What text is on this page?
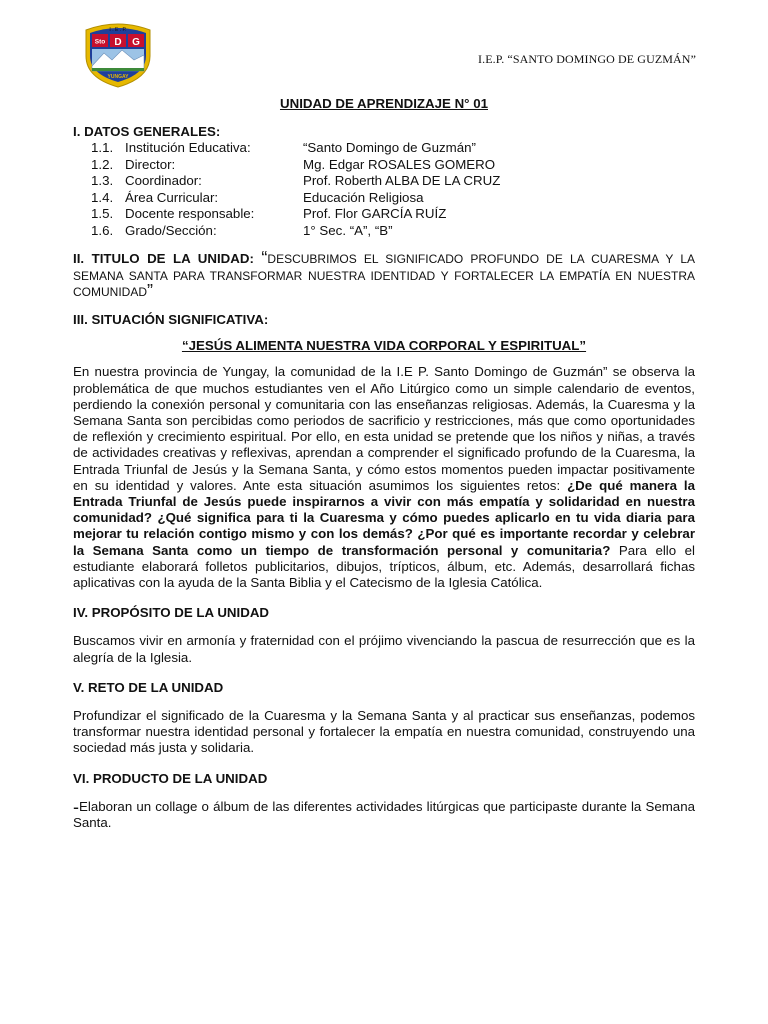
I . E . P.
Sto D G
YUNGAY
I.E.P. “SANTO DOMINGO DE GUZMÁN”
UNIDAD DE APRENDIZAJE N° 01
I. DATOS GENERALES:
1.1. Institución Educativa:	“Santo Domingo de Guzmán”
1.2. Director:	Mg. Edgar ROSALES GOMERO
1.3. Coordinador:	Prof. Roberth ALBA DE LA CRUZ
1.4. Área Curricular:	Educación Religiosa
1.5. Docente responsable:	Prof. Flor GARCÍA RUÍZ
1.6. Grado/Sección:	1° Sec. “A”, “B”
II. TITULO DE LA UNIDAD: “DESCUBRIMOS EL SIGNIFICADO PROFUNDO DE LA CUARESMA Y LA SEMANA SANTA PARA TRANSFORMAR NUESTRA IDENTIDAD Y FORTALECER LA EMPATÍA EN NUESTRA COMUNIDAD”
III. SITUACIÓN SIGNIFICATIVA:
“JESÚS ALIMENTA NUESTRA VIDA CORPORAL Y ESPIRITUAL”

En nuestra provincia de Yungay, la comunidad de la I.E P. Santo Domingo de Guzmán” se observa la problemática de que muchos estudiantes ven el Año Litúrgico como un simple calendario de eventos, perdiendo la conexión personal y comunitaria con las enseñanzas religiosas. Además, la Cuaresma y la Semana Santa son percibidas como periodos de sacrificio y restricciones, más que como oportunidades de reflexión y crecimiento espiritual. Por ello, en esta unidad se pretende que los niños y niñas, a través de actividades creativas y reflexivas, aprendan a comprender el significado profundo de la Cuaresma, la Entrada Triunfal de Jesús y la Semana Santa, y cómo estos momentos pueden impactar positivamente en su identidad y valores. Ante esta situación asumimos los siguientes retos: ¿De qué manera la Entrada Triunfal de Jesús puede inspirarnos a vivir con más empatía y solidaridad en nuestra comunidad? ¿Qué significa para ti la Cuaresma y cómo puedes aplicarlo en tu vida diaria para mejorar tu relación contigo mismo y con los demás? ¿Por qué es importante recordar y celebrar la Semana Santa como un tiempo de transformación personal y comunitaria? Para ello el estudiante elaborará folletos publicitarios, dibujos, trípticos, álbum, etc. Además, desarrollará fichas aplicativas con la ayuda de la Santa Biblia y el Catecismo de la Iglesia Católica.

IV. PROPÓSITO DE LA UNIDAD

Buscamos vivir en armonía y fraternidad con el prójimo vivenciando la pascua de resurrección que es la alegría de la Iglesia.

V. RETO DE LA UNIDAD

Profundizar el significado de la Cuaresma y la Semana Santa y al practicar sus enseñanzas, podemos transformar nuestra identidad personal y fortalecer la empatía en nuestra comunidad, construyendo una sociedad más justa y solidaria.

VI. PRODUCTO DE LA UNIDAD

-Elaboran un collage o álbum de las diferentes actividades litúrgicas que participaste durante la Semana Santa.
